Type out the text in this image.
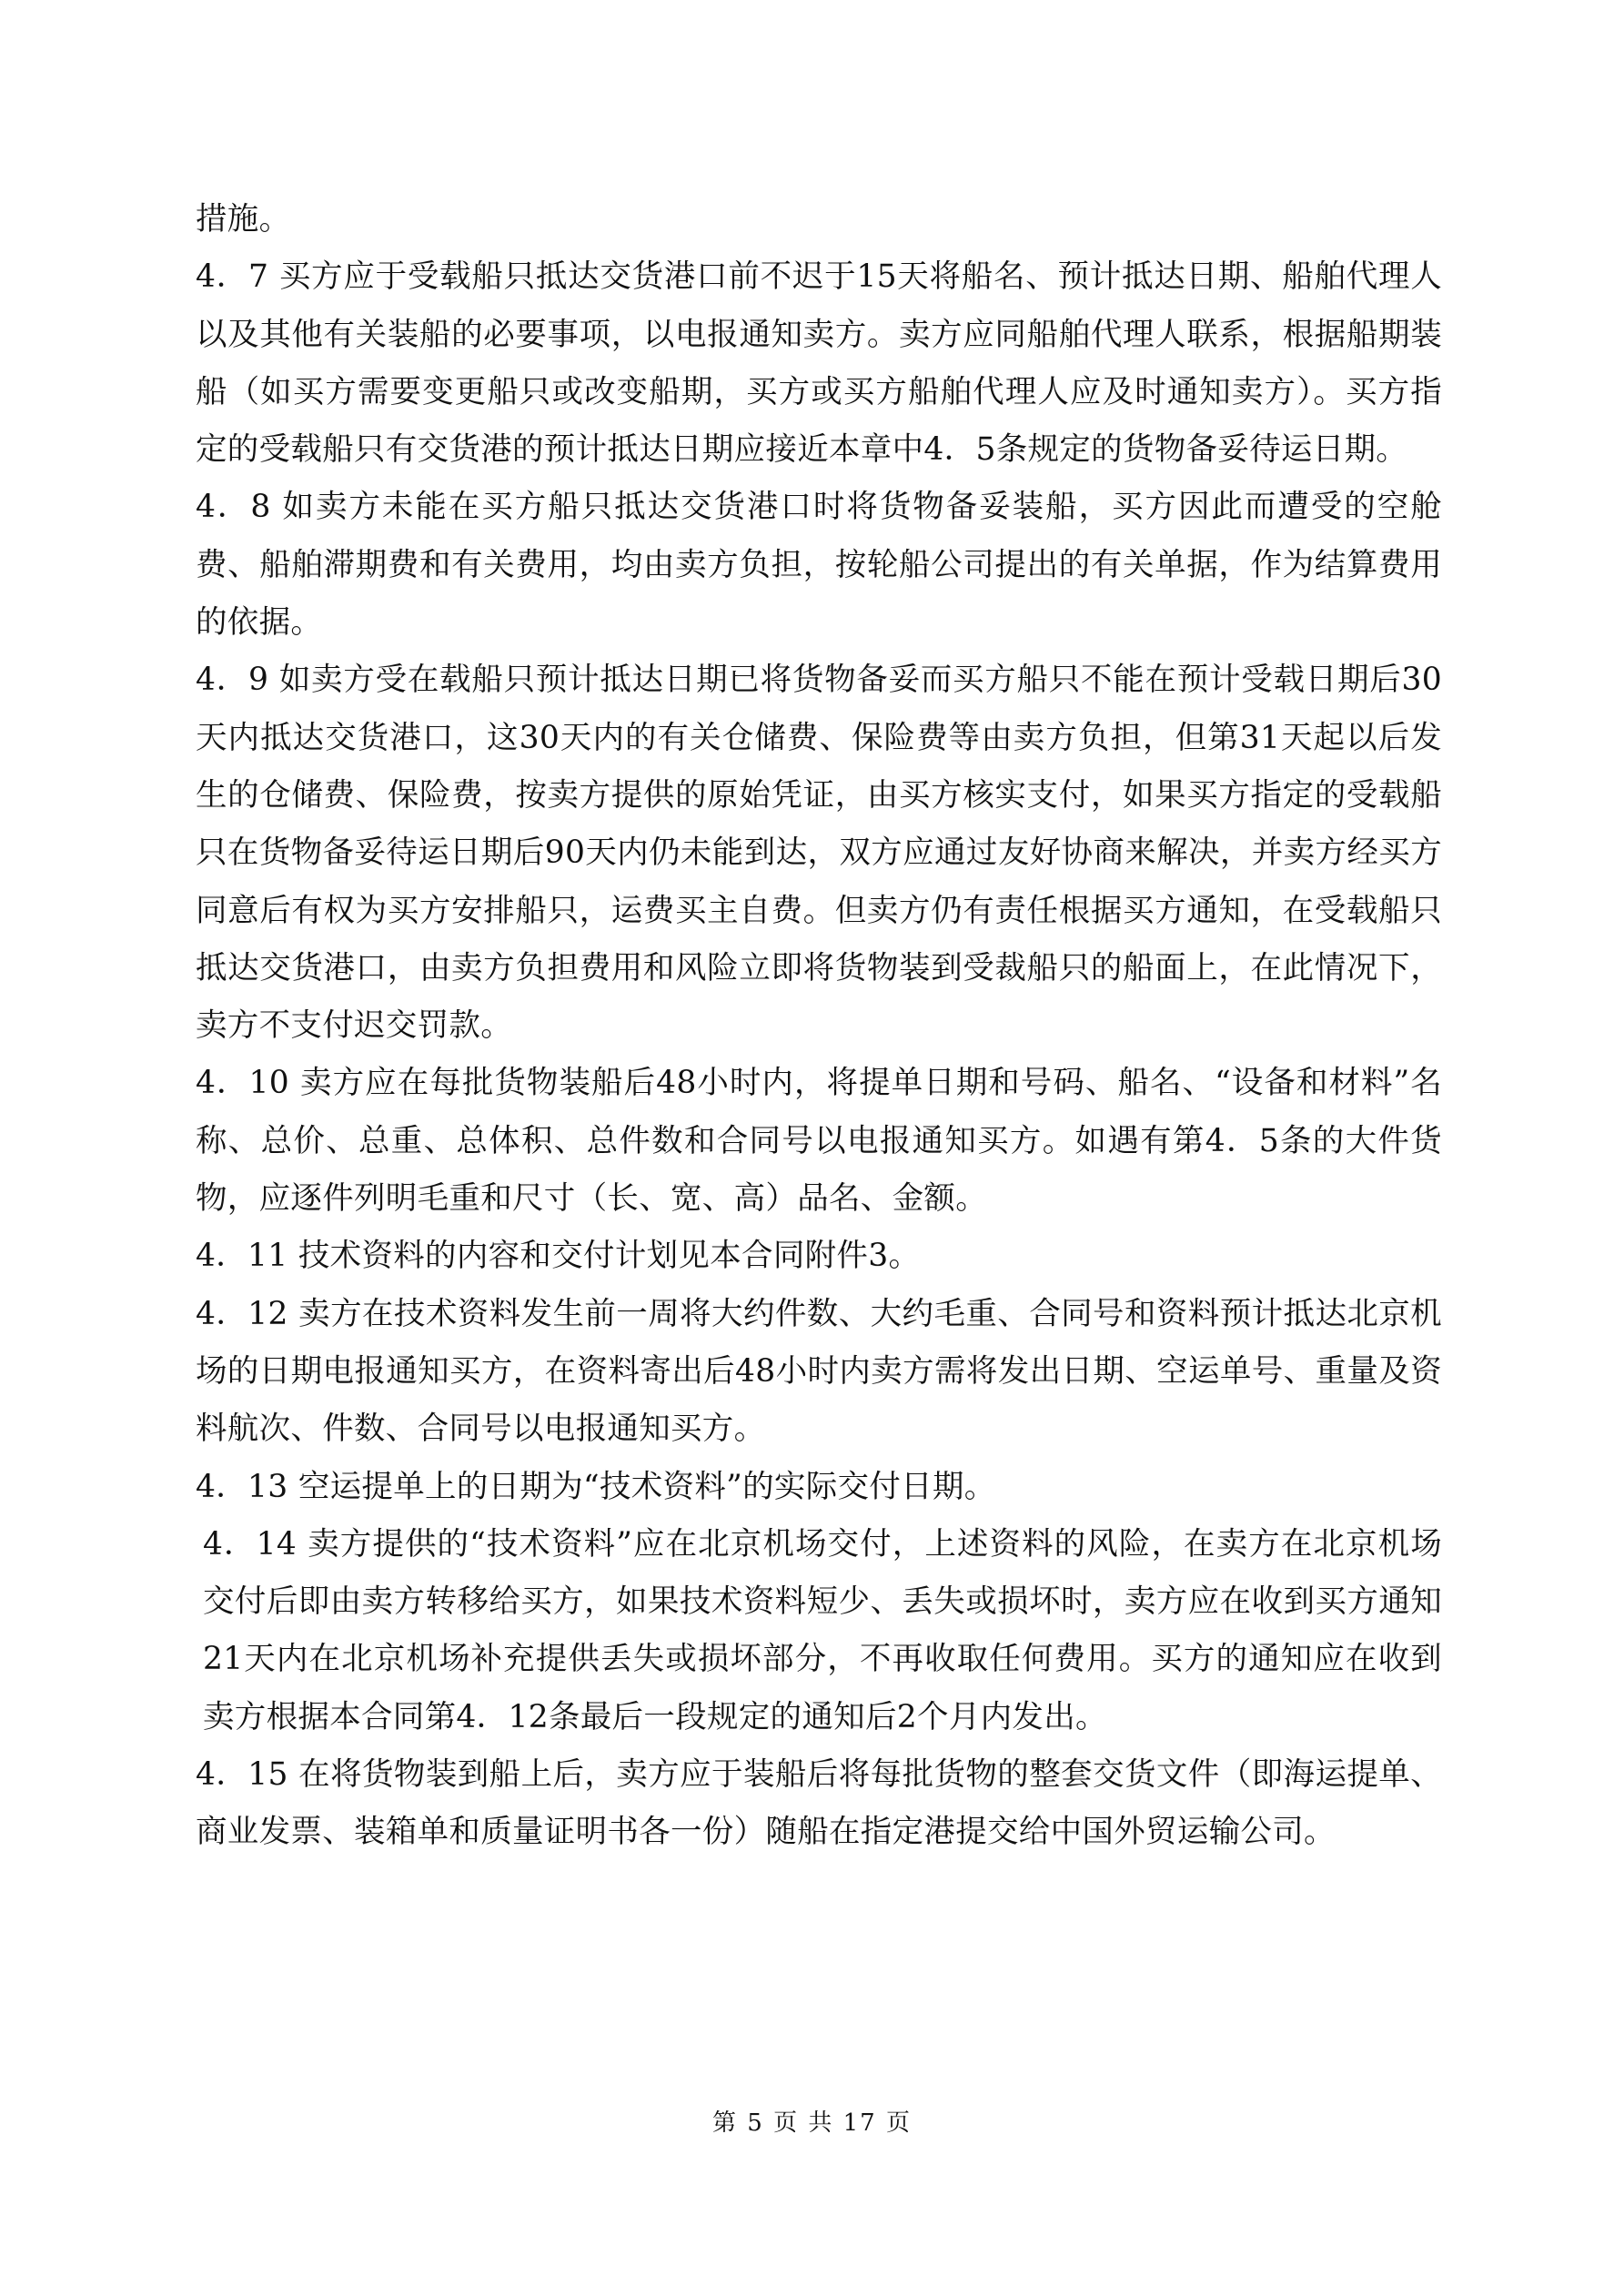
措施。

4．7 买方应于受载船只抵达交货港口前不迟于15天将船名、预计抵达日期、船舶代理人以及其他有关装船的必要事项，以电报通知卖方。卖方应同船舶代理人联系，根据船期装船（如买方需要变更船只或改变船期，买方或买方船舶代理人应及时通知卖方）。买方指定的受载船只有交货港的预计抵达日期应接近本章中4．5条规定的货物备妥待运日期。

4．8 如卖方未能在买方船只抵达交货港口时将货物备妥装船，买方因此而遭受的空舱费、船舶滞期费和有关费用，均由卖方负担，按轮船公司提出的有关单据，作为结算费用的依据。

4．9 如卖方受在载船只预计抵达日期已将货物备妥而买方船只不能在预计受载日期后30天内抵达交货港口，这30天内的有关仓储费、保险费等由卖方负担，但第31天起以后发生的仓储费、保险费，按卖方提供的原始凭证，由买方核实支付，如果买方指定的受载船只在货物备妥待运日期后90天内仍未能到达，双方应通过友好协商来解决，并卖方经买方同意后有权为买方安排船只，运费买主自费。但卖方仍有责任根据买方通知，在受载船只抵达交货港口，由卖方负担费用和风险立即将货物装到受裁船只的船面上，在此情况下，卖方不支付迟交罚款。

4．10 卖方应在每批货物装船后48小时内，将提单日期和号码、船名、“设备和材料”名称、总价、总重、总体积、总件数和合同号以电报通知买方。如遇有第4．5条的大件货物，应逐件列明毛重和尺寸（长、宽、高）品名、金额。

4．11 技术资料的内容和交付计划见本合同附件3。

4．12 卖方在技术资料发生前一周将大约件数、大约毛重、合同号和资料预计抵达北京机场的日期电报通知买方，在资料寄出后48小时内卖方需将发出日期、空运单号、重量及资料航次、件数、合同号以电报通知买方。

4．13 空运提单上的日期为“技术资料”的实际交付日期。

4．14 卖方提供的“技术资料”应在北京机场交付，上述资料的风险，在卖方在北京机场交付后即由卖方转移给买方，如果技术资料短少、丢失或损坏时，卖方应在收到买方通知21天内在北京机场补充提供丢失或损坏部分，不再收取任何费用。买方的通知应在收到卖方根据本合同第4．12条最后一段规定的通知后2个月内发出。

4．15 在将货物装到船上后，卖方应于装船后将每批货物的整套交货文件（即海运提单、商业发票、装箱单和质量证明书各一份）随船在指定港提交给中国外贸运输公司。

第 5 页 共 17 页
